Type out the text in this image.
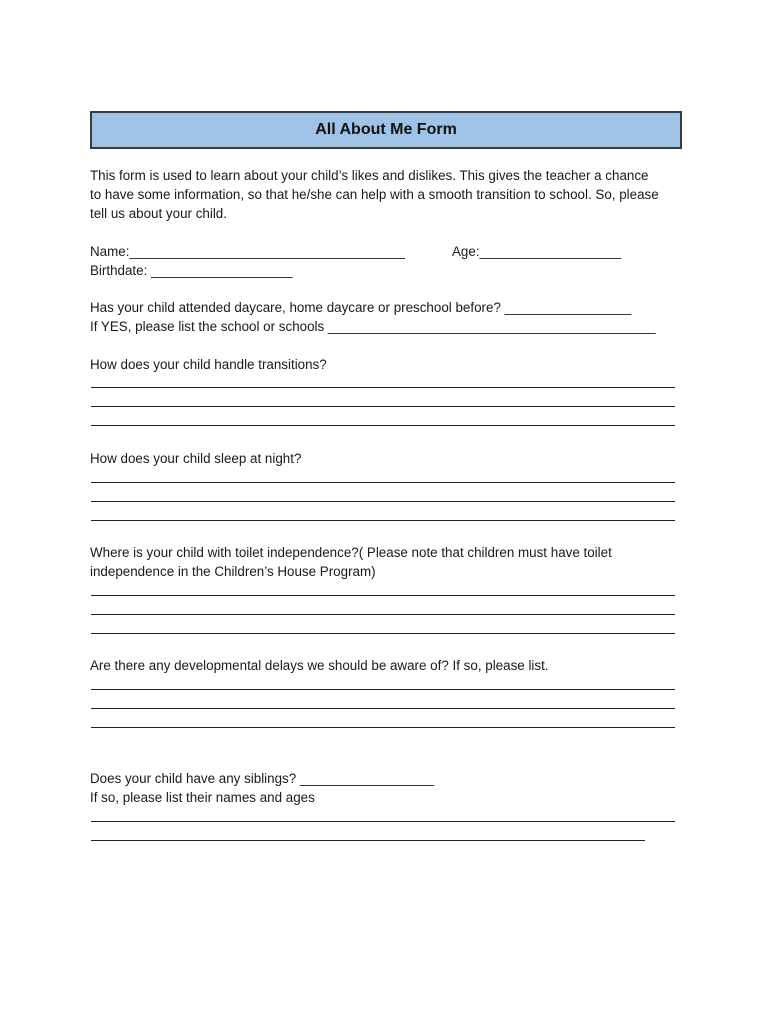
All About Me Form
This form is used to learn about your child’s likes and dislikes. This gives the teacher a chance
to have some information, so that he/she can help with a smooth transition to school. So, please
tell us about your child.
Name:_____________________________________	Age:___________________
Birthdate: ___________________
Has your child attended daycare, home daycare or preschool before? _________________
If YES, please list the school or schools ____________________________________________
How does your child handle transitions?
How does your child sleep at night?
Where is your child with toilet independence?( Please note that children must have toilet
independence in the Children’s House Program)
Are there any developmental delays we should be aware of? If so, please list.
Does your child have any siblings? __________________
If so, please list their names and ages
